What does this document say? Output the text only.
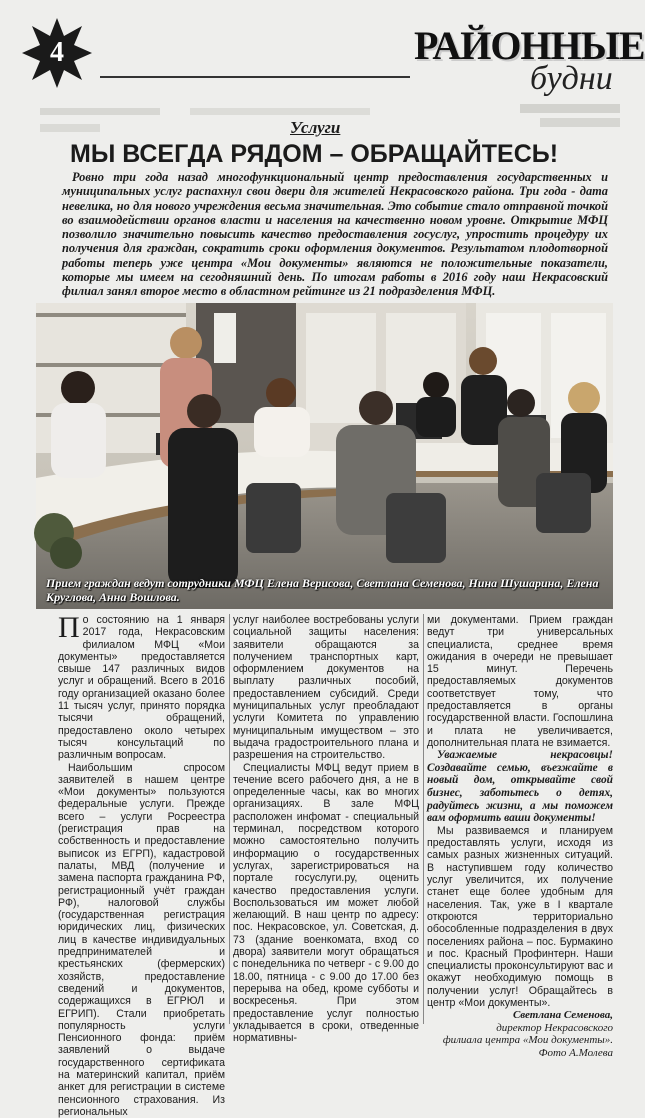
4	РАЙОННЫЕ
будни
Услуги
МЫ ВСЕГДА РЯДОМ – ОБРАЩАЙТЕСЬ!
Ровно три года назад многофункциональный центр предоставления государственных и муниципальных услуг распахнул свои двери для жителей Некрасовского района. Три года - дата невелика, но для нового учреждения весьма значительная. Это событие стало отправной точкой во взаимодействии органов власти и населения на качественно новом уровне. Открытие МФЦ позволило значительно повысить качество предоставления госуслуг, упростить процедуру их получения для граждан, сократить сроки оформления документов. Результатом плодотворной работы теперь уже центра «Мои документы» являются не положительные показатели, которые мы имеем на сегодняшний день. По итогам работы в 2016 году наш Некрасовский филиал занял второе место в областном рейтинге из 21 подразделения МФЦ.
Прием граждан ведут сотрудники МФЦ Елена Верисова, Светлана Семенова, Нина Шушарина, Елена Круглова, Анна Вошлова.

По состоянию на 1 января 2017 года, Некрасовским филиалом МФЦ «Мои документы» предоставляется свыше 147 различных видов услуг и обращений. Всего в 2016 году организацией оказано более 11 тысяч услуг, принято порядка тысячи обращений, предоставлено около четырех тысяч консультаций по различным вопросам.

Наибольшим спросом заявителей в нашем центре «Мои документы» пользуются федеральные услуги. Прежде всего – услуги Росреестра (регистрация прав на собственность и предоставление выписок из ЕГРП), кадастровой палаты, МВД (получение и замена паспорта гражданина РФ, регистрационный учёт граждан РФ), налоговой службы (государственная регистрация юридических лиц, физических лиц в качестве индивидуальных предпринимателей и крестьянских (фермерских) хозяйств, предоставление сведений и документов, содержащихся в ЕГРЮЛ и ЕГРИП). Стали приобретать популярность услуги Пенсионного фонда: приём заявлений о выдаче государственного сертификата на материнский капитал, приём анкет для регистрации в системе пенсионного страхования. Из региональных

услуг наиболее востребованы услуги социальной защиты населения: заявители обращаются за получением транспортных карт, оформлением документов на выплату различных пособий, предоставлением субсидий. Среди муниципальных услуг преобладают услуги Комитета по управлению муниципальным имуществом – это выдача градостроительного плана и разрешения на строительство.

Специалисты МФЦ ведут прием в течение всего рабочего дня, а не в определенные часы, как во многих организациях. В зале МФЦ расположен инфомат - специальный терминал, посредством которого можно самостоятельно получить информацию о государственных услугах, зарегистрироваться на портале госуслуги.ру, оценить качество предоставления услуги. Воспользоваться им может любой желающий. В наш центр по адресу: пос. Некрасовское, ул. Советская, д. 73 (здание военкомата, вход со двора) заявители могут обращаться с понедельника по четверг - с 9.00 до 18.00, пятница - с 9.00 до 17.00 без перерыва на обед, кроме субботы и воскресенья. При этом предоставление услуг полностью укладывается в сроки, отведенные нормативны-

ми документами. Прием граждан ведут три универсальных специалиста, среднее время ожидания в очереди не превышает 15 минут. Перечень предоставляемых документов соответствует тому, что предоставляется в органы государственной власти. Госпошлина и плата не увеличивается, дополнительная плата не взимается.

Уважаемые некрасовцы! Создавайте семью, въезжайте в новый дом, открывайте свой бизнес, заботьтесь о детях, радуйтесь жизни, а мы поможем вам оформить ваши документы!

Мы развиваемся и планируем предоставлять услуги, исходя из самых разных жизненных ситуаций. В наступившем году количество услуг увеличится, их получение станет еще более удобным для населения. Так, уже в I квартале откроются территориально обособленные подразделения в двух поселениях района – пос. Бурмакино и пос. Красный Профинтерн. Наши специалисты проконсультируют вас и окажут необходимую помощь в получении услуг! Обращайтесь в центр «Мои документы».

Светлана Семенова,
директор Некрасовского
филиала центра «Мои документы».
Фото А.Молева
